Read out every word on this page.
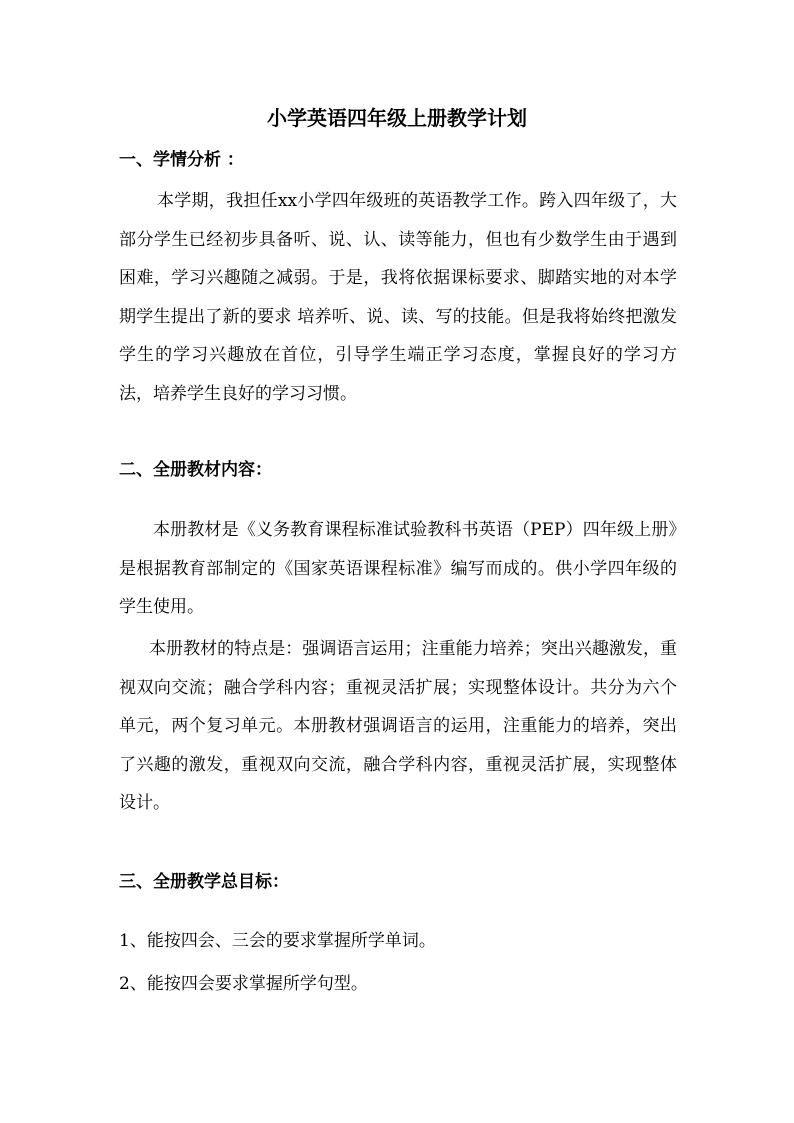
小学英语四年级上册教学计划
一、学情分析 ：
本学期，我担任xx小学四年级班的英语教学工作。跨入四年级了，大部分学生已经初步具备听、说、认、读等能力，但也有少数学生由于遇到困难，学习兴趣随之减弱。于是，我将依据课标要求、脚踏实地的对本学期学生提出了新的要求 培养听、说、读、写的技能。但是我将始终把激发学生的学习兴趣放在首位，引导学生端正学习态度，掌握良好的学习方法，培养学生良好的学习习惯。
二、全册教材内容：
本册教材是《义务教育课程标准试验教科书英语（PEP）四年级上册》是根据教育部制定的《国家英语课程标准》编写而成的。供小学四年级的学生使用。
本册教材的特点是：强调语言运用；注重能力培养；突出兴趣激发，重视双向交流；融合学科内容；重视灵活扩展；实现整体设计。共分为六个单元，两个复习单元。本册教材强调语言的运用，注重能力的培养，突出了兴趣的激发，重视双向交流，融合学科内容，重视灵活扩展，实现整体设计。
三、全册教学总目标：
1、能按四会、三会的要求掌握所学单词。
2、能按四会要求掌握所学句型。
